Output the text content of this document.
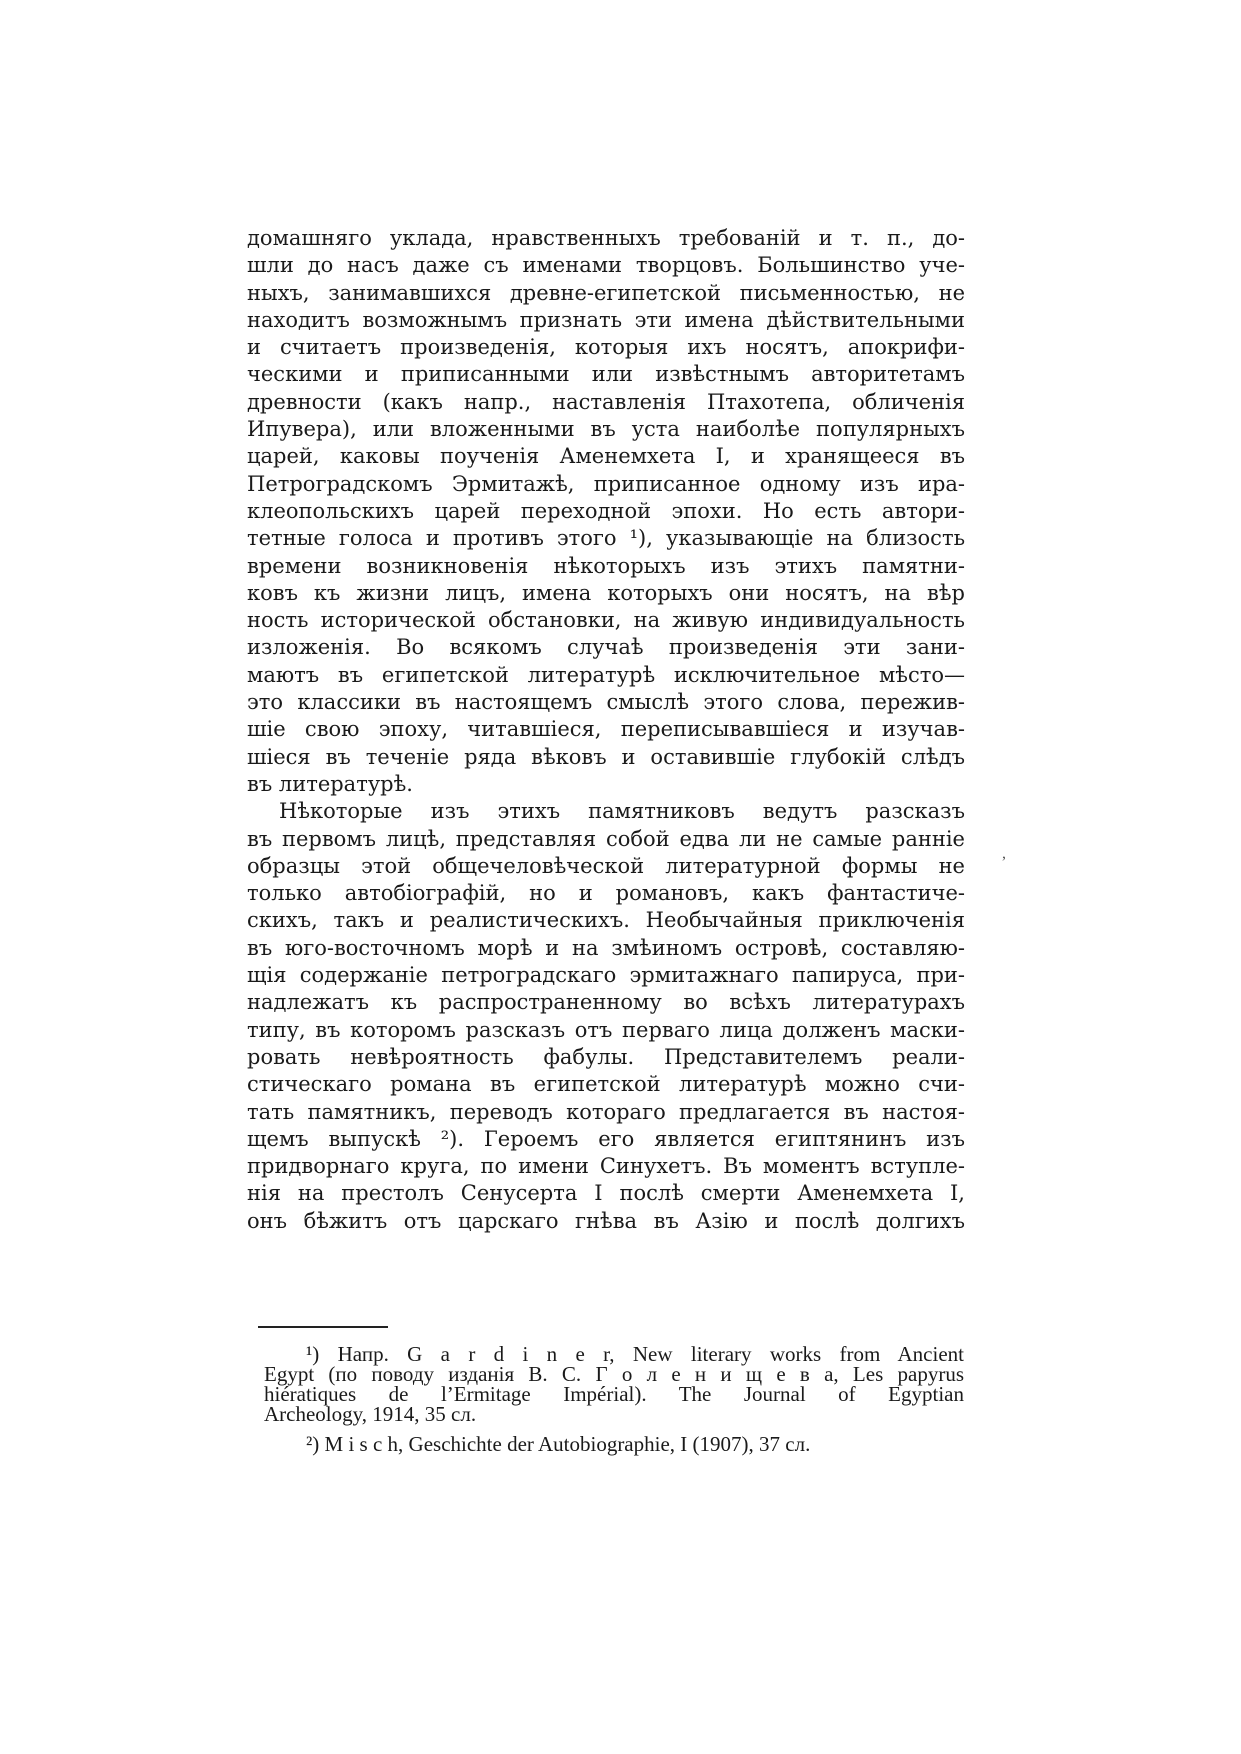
домашняго уклада, нравственныхъ требованiй и т. п., до-
шли до насъ даже съ именами творцовъ. Большинство уче-
ныхъ, занимавшихся древне-египетской письменностью, не
находитъ возможнымъ признать эти имена дѣйствительными
и считаетъ произведенiя, которыя ихъ носятъ, апокрифи-
ческими и приписанными или извѣстнымъ авторитетамъ
древности (какъ напр., наставленiя Птахотепа, обличенiя
Ипувера), или вложенными въ уста наиболѣе популярныхъ
царей, каковы поученiя Аменемхета I, и хранящееся въ
Петроградскомъ Эрмитажѣ, приписанное одному изъ ира-
клеопольскихъ царей переходной эпохи. Но есть автори-
тетные голоса и противъ этого ¹), указывающiе на близость
времени возникновенiя нѣкоторыхъ изъ этихъ памятни-
ковъ къ жизни лицъ, имена которыхъ они носятъ, на вѣр
ность исторической обстановки, на живую индивидуальность
изложенiя. Во всякомъ случаѣ произведенiя эти зани-
маютъ въ египетской литературѣ исключительное мѣсто—
это классики въ настоящемъ смыслѣ этого слова, пережив-
шiе свою эпоху, читавшiеся, переписывавшiеся и изучав-
шiеся въ теченiе ряда вѣковъ и оставившiе глубокiй слѣдъ
въ литературѣ.
Нѣкоторые изъ этихъ памятниковъ ведутъ разсказъ
въ первомъ лицѣ, представляя собой едва ли не самые раннiе
образцы этой общечеловѣческой литературной формы не
только автобiографiй, но и романовъ, какъ фантастиче-
скихъ, такъ и реалистическихъ. Необычайныя приключенiя
въ юго-восточномъ морѣ и на змѣиномъ островѣ, составляю-
щiя содержанiе петроградскаго эрмитажнаго папируса, при-
надлежатъ къ распространенному во всѣхъ литературахъ
типу, въ которомъ разсказъ отъ перваго лица долженъ маски-
ровать невѣроятность фабулы. Представителемъ реали-
стическаго романа въ египетской литературѣ можно счи-
тать памятникъ, переводъ котораго предлагается въ настоя-
щемъ выпускѣ ²). Героемъ его является египтянинъ изъ
придворнаго круга, по имени Синухетъ. Въ моментъ вступле-
нiя на престолъ Сенусерта I послѣ смерти Аменемхета I,
онъ бѣжитъ отъ царскаго гнѣва въ Азiю и послѣ долгихъ
,
¹) Напр. G a r d i n e r, New literary works from Ancient
Egypt (по поводу изданiя В. С. Г о л е н и щ е в а, Les papyrus
hiératiques de l’Ermitage Impérial). The Journal of Egyptian
Archeology, 1914, 35 сл.
²) M i s c h, Geschichte der Autobiographie, I (1907), 37 сл.
